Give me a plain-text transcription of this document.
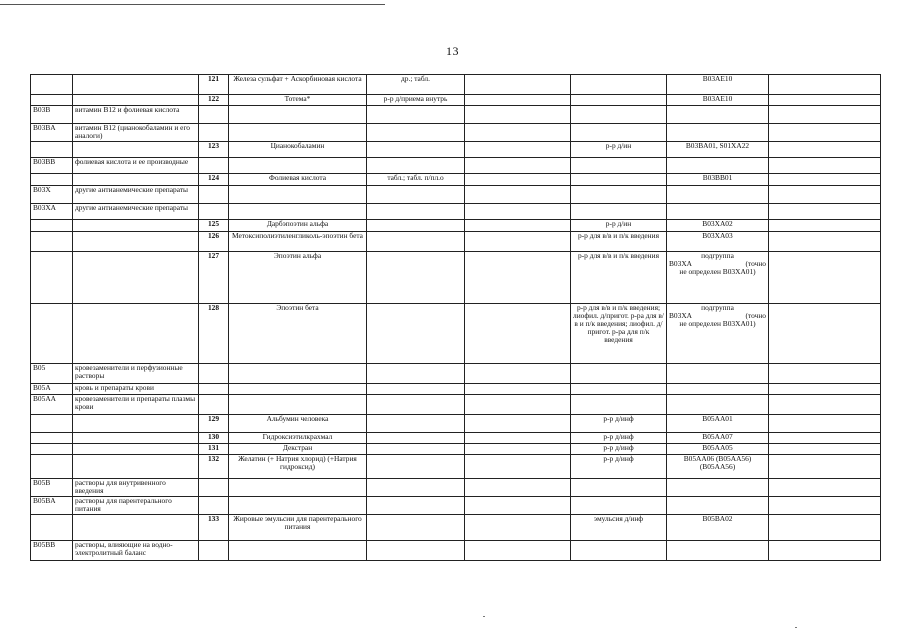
13
		121	Железа сульфат + Аскорбиновая кислота	др.; табл.			B03AE10	
		122	Тотема*	р-р д/приема внутрь			B03AE10	
B03B	витамин B12 и фолиевая кислота							
B03BA	витамин B12 (цианокобаламин и его аналоги)							
		123	Цианокобаламин			р-р д/ин	B03BA01, S01XA22	
B03BB	фолиевая кислота и ее производные							
		124	Фолиевая кислота	табл.; табл. п/пл.о			B03BB01	
B03X	другие антианемические препараты							
B03XA	другие антианемические препараты							
		125	Дарбэпоэтин альфа			р-р д/ин	B03XA02	
		126	Метоксиполиэтиленгликоль-эпоэтин бета			р-р для в/в и п/к введения	B03XA03	
		127	Эпоэтин альфа			р-р для в/в и п/к введения	подгруппа
B03XA (точно
не определен B03XA01)	

		128	Эпоэтин бета			р-р для в/в и п/к введения; лиофил. д/пригот. р-ра для в/в и п/к введения; лиофил. д/пригот. р-ра для п/к введения	подгруппа
B03XA (точно
не определен B03XA01)	

B05	кровезаменители и перфузионные растворы							
B05A	кровь и препараты крови							
B05AA	кровезаменители и препараты плазмы крови							
		129	Альбумин человека			р-р д/инф	B05AA01	
		130	Гидроксиэтилкрахмал			р-р д/инф	B05AA07	
		131	Декстран			р-р д/инф	B05AA05	
		132	Желатин (+ Натрия хлорид) (+Натрия гидроксид)			р-р д/инф	B05AA06 (B05AA56) (B05AA56)	
B05B	растворы для внутривенного введения							
B05BA	растворы для парентерального питания							
		133	Жировые эмульсии для парентерального питания			эмульсия д/инф	B05BA02	
B05BB	растворы, влияющие на водно-электролитный баланс							
